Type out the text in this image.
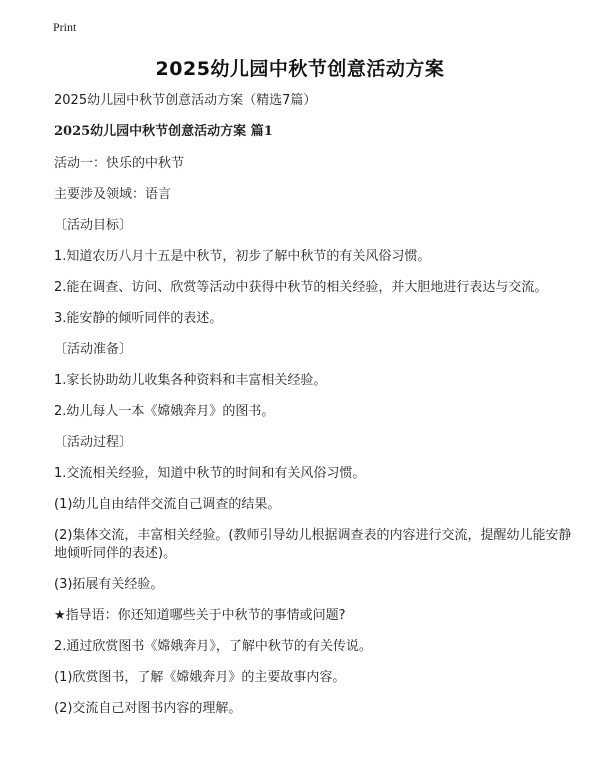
Print
2025幼儿园中秋节创意活动方案

2025幼儿园中秋节创意活动方案（精选7篇）

2025幼儿园中秋节创意活动方案 篇1

活动一：快乐的中秋节

主要涉及领域：语言

〔活动目标〕

1.知道农历八月十五是中秋节，初步了解中秋节的有关风俗习惯。

2.能在调查、访问、欣赏等活动中获得中秋节的相关经验，并大胆地进行表达与交流。

3.能安静的倾听同伴的表述。

〔活动准备〕

1.家长协助幼儿收集各种资料和丰富相关经验。

2.幼儿每人一本《嫦娥奔月》的图书。

〔活动过程〕

1.交流相关经验，知道中秋节的时间和有关风俗习惯。

(1)幼儿自由结伴交流自己调查的结果。

(2)集体交流，丰富相关经验。(教师引导幼儿根据调查表的内容进行交流，提醒幼儿能安静地倾听同伴的表述)。

(3)拓展有关经验。

★指导语：你还知道哪些关于中秋节的事情或问题?

2.通过欣赏图书《嫦娥奔月》，了解中秋节的有关传说。

(1)欣赏图书，了解《嫦娥奔月》的主要故事内容。

(2)交流自己对图书内容的理解。
